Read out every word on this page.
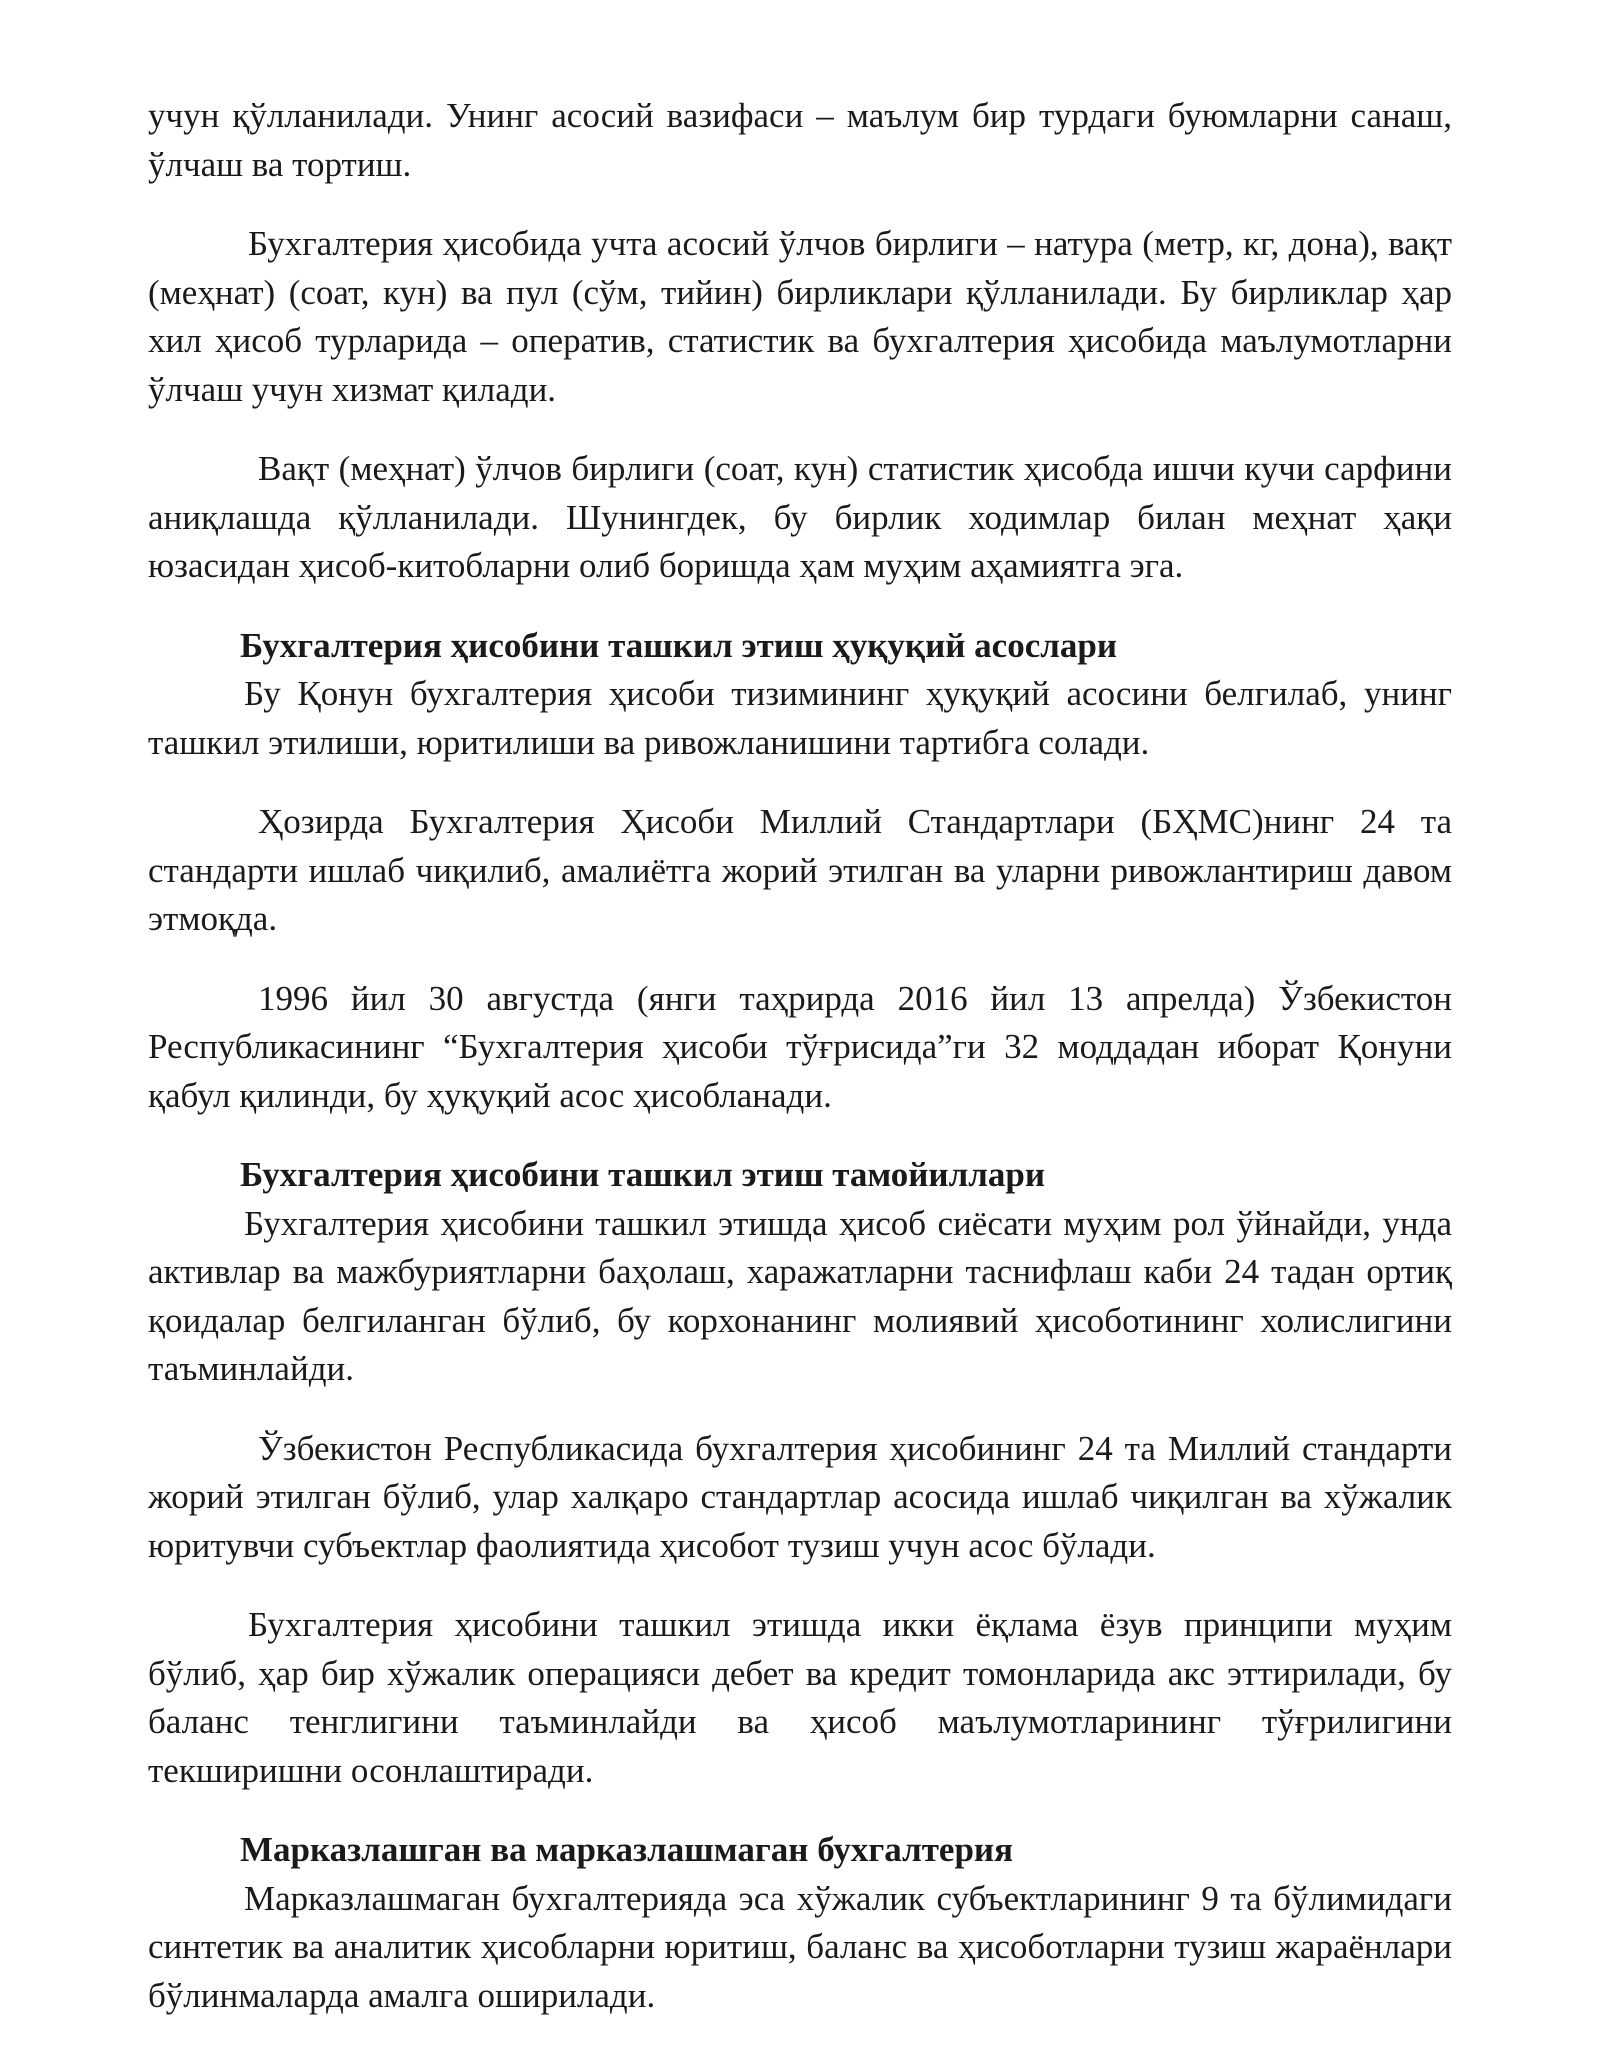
учун қўлланилади. Унинг асосий вазифаси – маълум бир турдаги буюмларни санаш, ўлчаш ва тортиш.

Бухгалтерия ҳисобида учта асосий ўлчов бирлиги – натура (метр, кг, дона), вақт (меҳнат) (соат, кун) ва пул (сўм, тийин) бирликлари қўлланилади. Бу бирликлар ҳар хил ҳисоб турларида – оператив, статистик ва бухгалтерия ҳисобида маълумотларни ўлчаш учун хизмат қилади.

Вақт (меҳнат) ўлчов бирлиги (соат, кун) статистик ҳисобда ишчи кучи сарфини аниқлашда қўлланилади. Шунингдек, бу бирлик ходимлар билан меҳнат ҳақи юзасидан ҳисоб-китобларни олиб боришда ҳам муҳим аҳамиятга эга.

Бухгалтерия ҳисобини ташкил этиш ҳуқуқий асослари

Бу Қонун бухгалтерия ҳисоби тизимининг ҳуқуқий асосини белгилаб, унинг ташкил этилиши, юритилиши ва ривожланишини тартибга солади.

Ҳозирда Бухгалтерия Ҳисоби Миллий Стандартлари (БҲМС)нинг 24 та стандарти ишлаб чиқилиб, амалиётга жорий этилган ва уларни ривожлантириш давом этмоқда.

1996 йил 30 августда (янги таҳрирда 2016 йил 13 апрелда) Ўзбекистон Республикасининг “Бухгалтерия ҳисоби тўғрисида”ги 32 моддадан иборат Қонуни қабул қилинди, бу ҳуқуқий асос ҳисобланади.

Бухгалтерия ҳисобини ташкил этиш тамойиллари

Бухгалтерия ҳисобини ташкил этишда ҳисоб сиёсати муҳим рол ўйнайди, унда активлар ва мажбуриятларни баҳолаш, харажатларни таснифлаш каби 24 тадан ортиқ қоидалар белгиланган бўлиб, бу корхонанинг молиявий ҳисоботининг холислигини таъминлайди.

Ўзбекистон Республикасида бухгалтерия ҳисобининг 24 та Миллий стандарти жорий этилган бўлиб, улар халқаро стандартлар асосида ишлаб чиқилган ва хўжалик юритувчи субъектлар фаолиятида ҳисобот тузиш учун асос бўлади.

Бухгалтерия ҳисобини ташкил этишда икки ёқлама ёзув принципи муҳим бўлиб, ҳар бир хўжалик операцияси дебет ва кредит томонларида акс эттирилади, бу баланс тенглигини таъминлайди ва ҳисоб маълумотларининг тўғрилигини текширишни осонлаштиради.

Марказлашган ва марказлашмаган бухгалтерия

Марказлашмаган бухгалтерияда эса хўжалик субъектларининг 9 та бўлимидаги синтетик ва аналитик ҳисобларни юритиш, баланс ва ҳисоботларни тузиш жараёнлари бўлинмаларда амалга оширилади.
